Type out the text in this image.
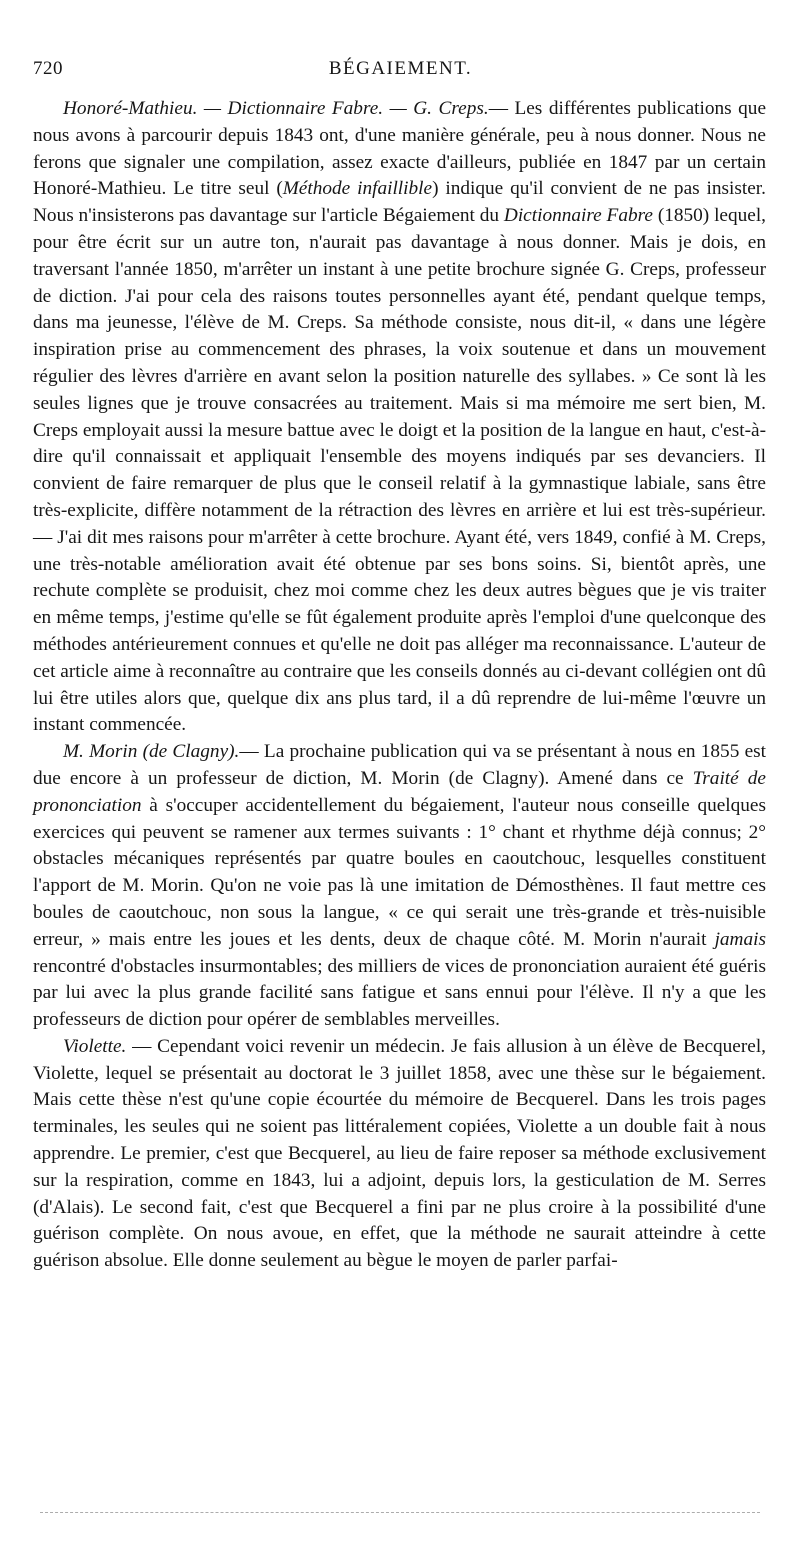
720	BÉGAIEMENT.

Honoré-Mathieu. — Dictionnaire Fabre. — G. Creps.— Les différentes publications que nous avons à parcourir depuis 1843 ont, d'une manière générale, peu à nous donner. Nous ne ferons que signaler une compilation, assez exacte d'ailleurs, publiée en 1847 par un certain Honoré-Mathieu. Le titre seul (Méthode infaillible) indique qu'il convient de ne pas insister. Nous n'insisterons pas davantage sur l'article Bégaiement du Dictionnaire Fabre (1850) lequel, pour être écrit sur un autre ton, n'aurait pas davantage à nous donner. Mais je dois, en traversant l'année 1850, m'arrêter un instant à une petite brochure signée G. Creps, professeur de diction. J'ai pour cela des raisons toutes personnelles ayant été, pendant quelque temps, dans ma jeunesse, l'élève de M. Creps. Sa méthode consiste, nous dit-il, « dans une légère inspiration prise au commencement des phrases, la voix soutenue et dans un mouvement régulier des lèvres d'arrière en avant selon la position naturelle des syllabes. » Ce sont là les seules lignes que je trouve consacrées au traitement. Mais si ma mémoire me sert bien, M. Creps employait aussi la mesure battue avec le doigt et la position de la langue en haut, c'est-à-dire qu'il connaissait et appliquait l'ensemble des moyens indiqués par ses devanciers. Il convient de faire remarquer de plus que le conseil relatif à la gymnastique labiale, sans être très-explicite, diffère notamment de la rétraction des lèvres en arrière et lui est très-supérieur. — J'ai dit mes raisons pour m'arrêter à cette brochure. Ayant été, vers 1849, confié à M. Creps, une très-notable amélioration avait été obtenue par ses bons soins. Si, bientôt après, une rechute complète se produisit, chez moi comme chez les deux autres bègues que je vis traiter en même temps, j'estime qu'elle se fût également produite après l'emploi d'une quelconque des méthodes antérieurement connues et qu'elle ne doit pas alléger ma reconnaissance. L'auteur de cet article aime à reconnaître au contraire que les conseils donnés au ci-devant collégien ont dû lui être utiles alors que, quelque dix ans plus tard, il a dû reprendre de lui-même l'œuvre un instant commencée.

M. Morin (de Clagny).— La prochaine publication qui va se présentant à nous en 1855 est due encore à un professeur de diction, M. Morin (de Clagny). Amené dans ce Traité de prononciation à s'occuper accidentellement du bégaiement, l'auteur nous conseille quelques exercices qui peuvent se ramener aux termes suivants : 1° chant et rhythme déjà connus; 2° obstacles mécaniques représentés par quatre boules en caoutchouc, lesquelles constituent l'apport de M. Morin. Qu'on ne voie pas là une imitation de Démosthènes. Il faut mettre ces boules de caoutchouc, non sous la langue, « ce qui serait une très-grande et très-nuisible erreur, » mais entre les joues et les dents, deux de chaque côté. M. Morin n'aurait jamais rencontré d'obstacles insurmontables; des milliers de vices de prononciation auraient été guéris par lui avec la plus grande facilité sans fatigue et sans ennui pour l'élève. Il n'y a que les professeurs de diction pour opérer de semblables merveilles.

Violette. — Cependant voici revenir un médecin. Je fais allusion à un élève de Becquerel, Violette, lequel se présentait au doctorat le 3 juillet 1858, avec une thèse sur le bégaiement. Mais cette thèse n'est qu'une copie écourtée du mémoire de Becquerel. Dans les trois pages terminales, les seules qui ne soient pas littéralement copiées, Violette a un double fait à nous apprendre. Le premier, c'est que Becquerel, au lieu de faire reposer sa méthode exclusivement sur la respiration, comme en 1843, lui a adjoint, depuis lors, la gesticulation de M. Serres (d'Alais). Le second fait, c'est que Becquerel a fini par ne plus croire à la possibilité d'une guérison complète. On nous avoue, en effet, que la méthode ne saurait atteindre à cette guérison absolue. Elle donne seulement au bègue le moyen de parler parfai-
